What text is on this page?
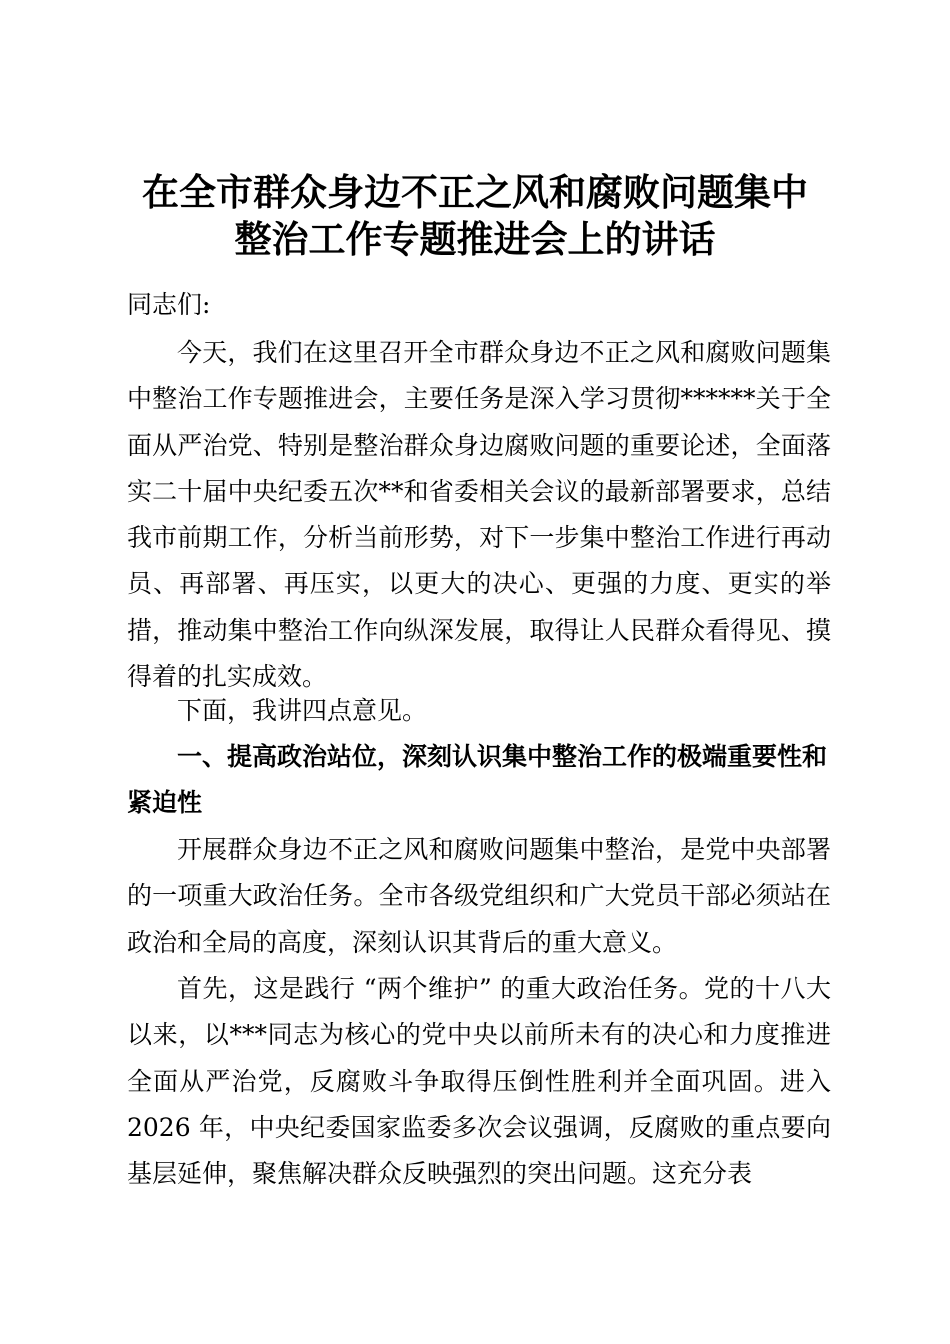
在全市群众身边不正之风和腐败问题集中
整治工作专题推进会上的讲话
同志们:

今天，我们在这里召开全市群众身边不正之风和腐败问题集中整治工作专题推进会，主要任务是深入学习贯彻******关于全面从严治党、特别是整治群众身边腐败问题的重要论述，全面落实二十届中央纪委五次**和省委相关会议的最新部署要求，总结我市前期工作，分析当前形势，对下一步集中整治工作进行再动员、再部署、再压实，以更大的决心、更强的力度、更实的举措，推动集中整治工作向纵深发展，取得让人民群众看得见、摸得着的扎实成效。

下面，我讲四点意见。

一、提高政治站位，深刻认识集中整治工作的极端重要性和紧迫性

开展群众身边不正之风和腐败问题集中整治，是党中央部署的一项重大政治任务。全市各级党组织和广大党员干部必须站在政治和全局的高度，深刻认识其背后的重大意义。

首先，这是践行 “两个维护” 的重大政治任务。党的十八大以来，以***同志为核心的党中央以前所未有的决心和力度推进全面从严治党，反腐败斗争取得压倒性胜利并全面巩固。进入 2026 年，中央纪委国家监委多次会议强调，反腐败的重点要向基层延伸，聚焦解决群众反映强烈的突出问题。这充分表
